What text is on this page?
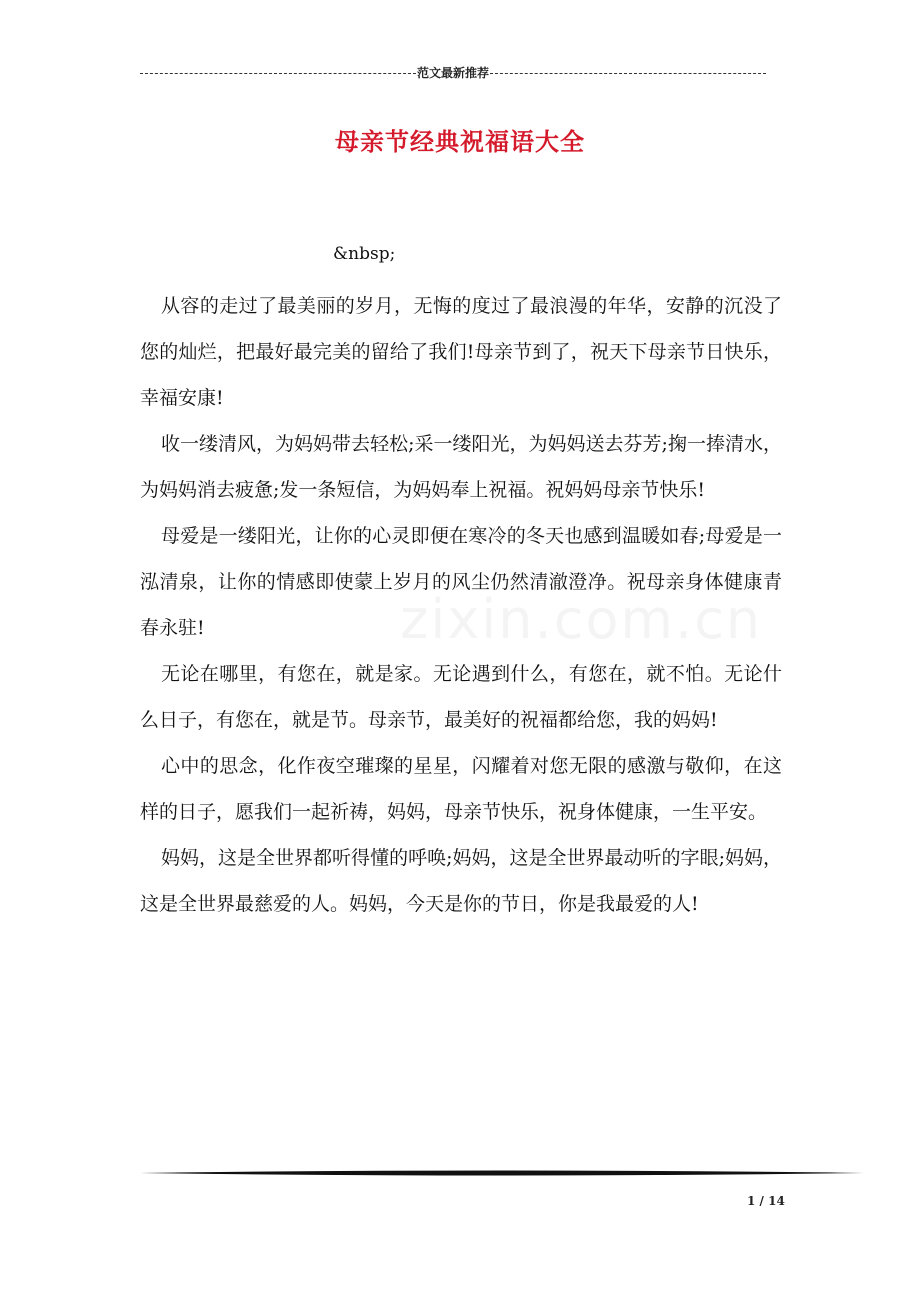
范文最新推荐
母亲节经典祝福语大全
&nbsp;

从容的走过了最美丽的岁月，无悔的度过了最浪漫的年华，安静的沉没了您的灿烂，把最好最完美的留给了我们!母亲节到了，祝天下母亲节日快乐，幸福安康!

收一缕清风，为妈妈带去轻松;采一缕阳光，为妈妈送去芬芳;掬一捧清水，为妈妈消去疲惫;发一条短信，为妈妈奉上祝福。祝妈妈母亲节快乐!

母爱是一缕阳光，让你的心灵即便在寒冷的冬天也感到温暖如春;母爱是一泓清泉，让你的情感即使蒙上岁月的风尘仍然清澈澄净。祝母亲身体健康青春永驻!

无论在哪里，有您在，就是家。无论遇到什么，有您在，就不怕。无论什么日子，有您在，就是节。母亲节，最美好的祝福都给您，我的妈妈!

心中的思念，化作夜空璀璨的星星，闪耀着对您无限的感激与敬仰，在这样的日子，愿我们一起祈祷，妈妈，母亲节快乐，祝身体健康，一生平安。

妈妈，这是全世界都听得懂的呼唤;妈妈，这是全世界最动听的字眼;妈妈，这是全世界最慈爱的人。妈妈，今天是你的节日，你是我最爱的人!

1 / 14
